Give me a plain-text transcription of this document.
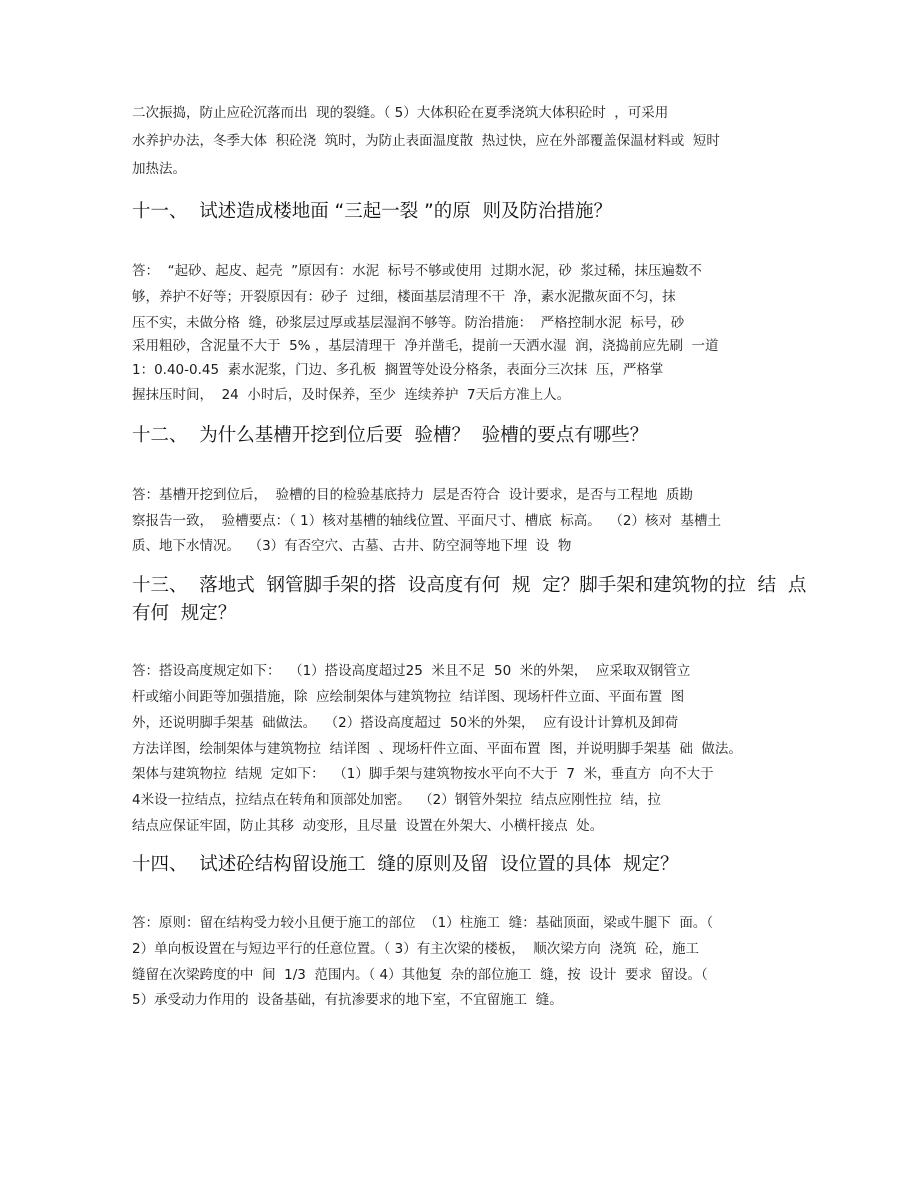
二次振捣，防止应砼沉落而出  现的裂缝。（ 5）大体积砼在夏季浇筑大体积砼时  ，可采用
水养护办法，冬季大体  积砼浇  筑时，为防止表面温度散  热过快，应在外部覆盖保温材料或  短时
加热法。
十一、  试述造成楼地面 “三起一裂 ”的原  则及防治措施？
答：  “起砂、起皮、起壳  ”原因有：水泥  标号不够或使用  过期水泥，砂  浆过稀，抹压遍数不
够，养护不好等；开裂原因有：砂子  过细，楼面基层清理不干  净，素水泥撒灰面不匀，抹
压不实，未做分格  缝，砂浆层过厚或基层湿润不够等。防治措施：  严格控制水泥  标号，砂
采用粗砂，含泥量不大于  5% ，基层清理干  净并凿毛，提前一天洒水湿  润，浇捣前应先刷  一道
1：0.40-0.45  素水泥浆，门边、多孔板  搁置等处设分格条，表面分三次抹  压，严格掌
握抹压时间，  24  小时后，及时保养，至少  连续养护  7天后方准上人。
十二、  为什么基槽开挖到位后要  验槽？  验槽的要点有哪些？
答：基槽开挖到位后，  验槽的目的检验基底持力  层是否符合  设计要求，是否与工程地  质勘
察报告一致，  验槽要点：（ 1）核对基槽的轴线位置、平面尺寸、槽底  标高。  （2）核对  基槽土
质、地下水情况。  （3）有否空穴、古墓、古井、防空洞等地下埋  设  物
十三、  落地式  钢管脚手架的搭  设高度有何  规  定？脚手架和建筑物的拉  结  点
有何  规定？
答：搭设高度规定如下：  （1）搭设高度超过25  米且不足  50  米的外架，  应采取双钢管立
杆或缩小间距等加强措施，除  应绘制架体与建筑物拉  结详图、现场杆件立面、平面布置  图
外，还说明脚手架基  础做法。  （2）搭设高度超过  50米的外架，  应有设计计算机及卸荷
方法详图，绘制架体与建筑物拉  结详图  、现场杆件立面、平面布置  图，并说明脚手架基  础  做法。
架体与建筑物拉  结规  定如下：  （1）脚手架与建筑物按水平向不大于  7  米，垂直方  向不大于
4米设一拉结点，拉结点在转角和顶部处加密。  （2）钢管外架拉  结点应刚性拉  结，拉
结点应保证牢固，防止其移  动变形，且尽量  设置在外架大、小横杆接点  处。
十四、  试述砼结构留设施工  缝的原则及留  设位置的具体  规定？
答：原则：留在结构受力较小且便于施工的部位  （1）柱施工  缝：基础顶面，梁或牛腿下  面。（
2）单向板设置在与短边平行的任意位置。（ 3）有主次梁的楼板，  顺次梁方向  浇筑  砼，施工
缝留在次梁跨度的中  间  1/3  范围内。（ 4）其他复  杂的部位施工  缝，按  设计  要求  留设。（
5）承受动力作用的  设备基础，有抗渗要求的地下室，不宜留施工  缝。
